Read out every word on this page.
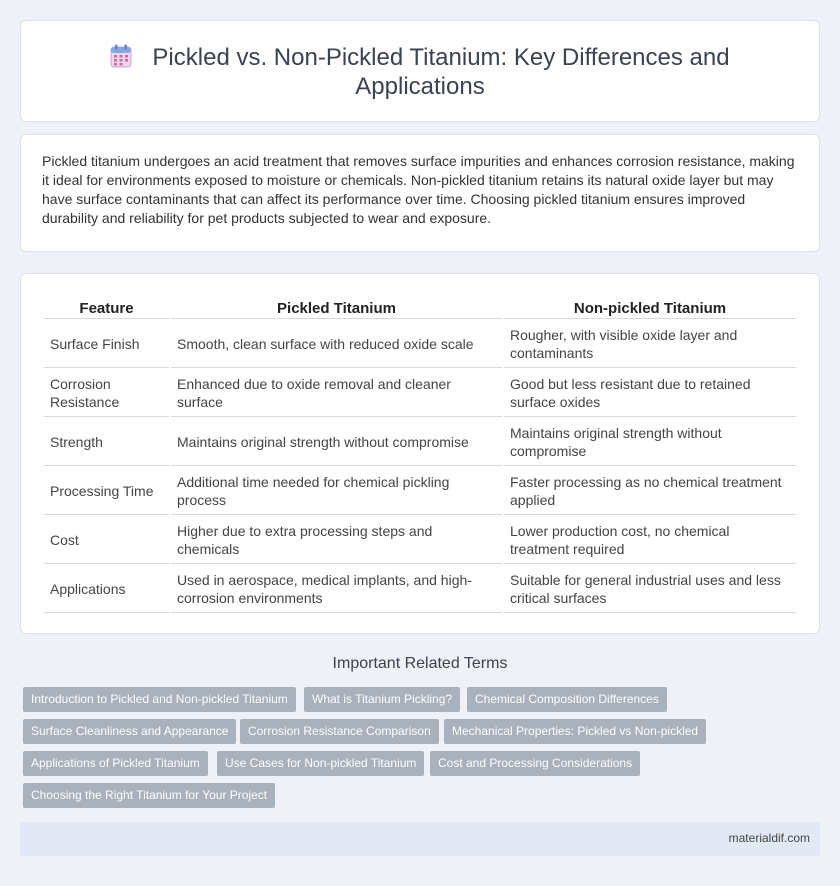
Pickled vs. Non-Pickled Titanium: Key Differences and Applications

Pickled titanium undergoes an acid treatment that removes surface impurities and enhances corrosion resistance, making it ideal for environments exposed to moisture or chemicals. Non-pickled titanium retains its natural oxide layer but may have surface contaminants that can affect its performance over time. Choosing pickled titanium ensures improved durability and reliability for pet products subjected to wear and exposure.

Feature	Pickled Titanium	Non-pickled Titanium
Surface Finish	Smooth, clean surface with reduced oxide scale	Rougher, with visible oxide layer and contaminants
Corrosion Resistance	Enhanced due to oxide removal and cleaner surface	Good but less resistant due to retained surface oxides
Strength	Maintains original strength without compromise	Maintains original strength without compromise
Processing Time	Additional time needed for chemical pickling process	Faster processing as no chemical treatment applied
Cost	Higher due to extra processing steps and chemicals	Lower production cost, no chemical treatment required
Applications	Used in aerospace, medical implants, and high-corrosion environments	Suitable for general industrial uses and less critical surfaces
Important Related Terms
Introduction to Pickled and Non-pickled Titanium	What is Titanium Pickling?	Chemical Composition Differences
Surface Cleanliness and Appearance	Corrosion Resistance Comparison	Mechanical Properties: Pickled vs Non-pickled
Applications of Pickled Titanium	Use Cases for Non-pickled Titanium	Cost and Processing Considerations
Choosing the Right Titanium for Your Project
materialdif.com
